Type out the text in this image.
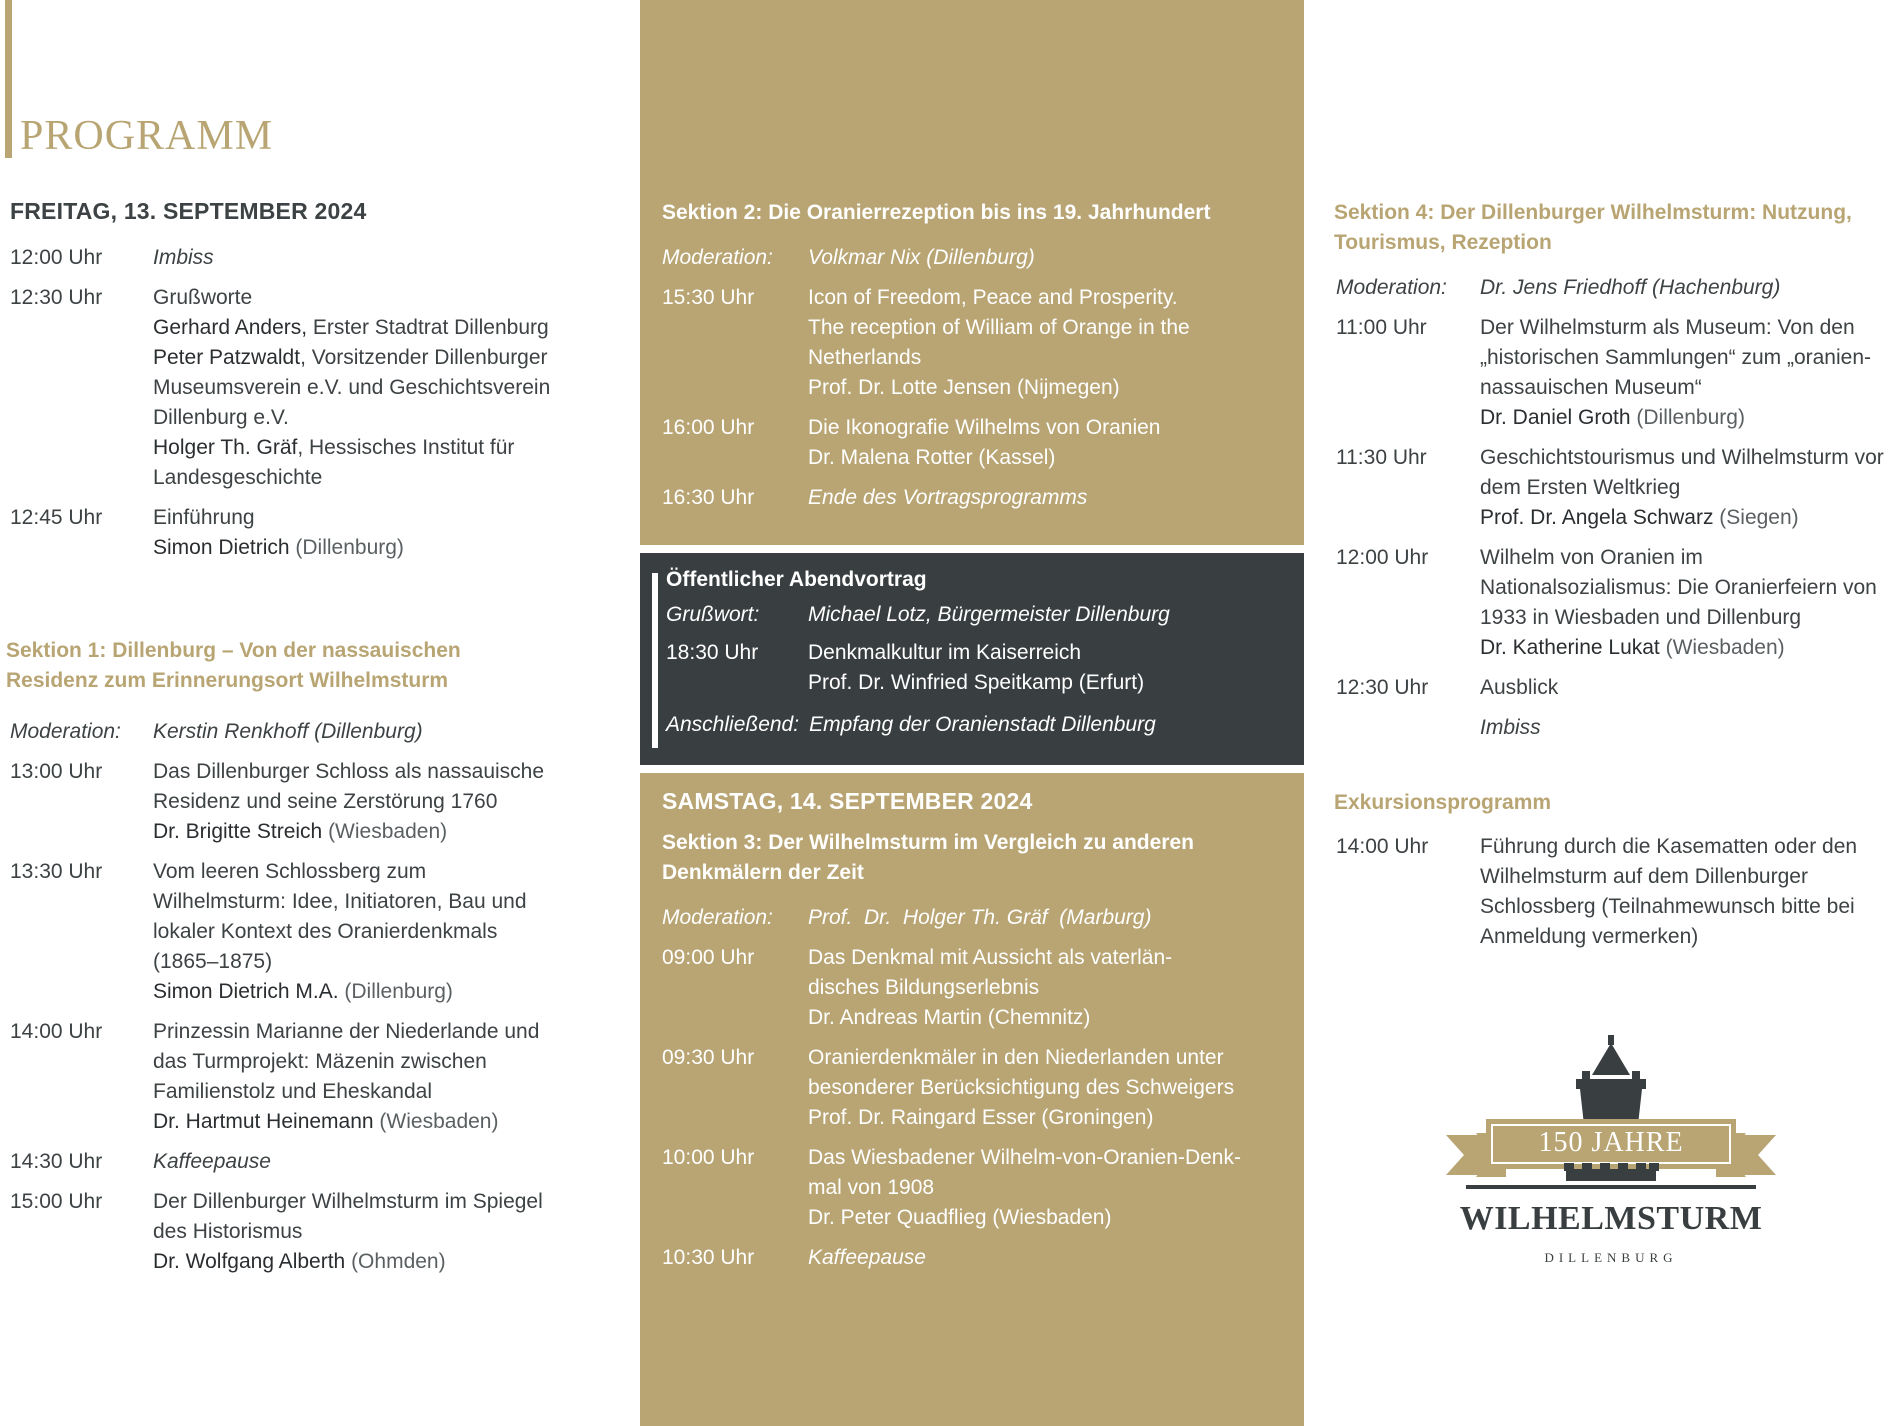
PROGRAMM
FREITAG, 13. SEPTEMBER 2024
12:00 Uhr	Imbiss
12:30 Uhr	Grußworte
Gerhard Anders, Erster Stadtrat Dillenburg
Peter Patzwaldt, Vorsitzender Dillenburger Museumsverein e.V. und Geschichtsverein Dillenburg e.V.
Holger Th. Gräf, Hessisches Institut für Landesgeschichte
12:45 Uhr	Einführung
Simon Dietrich (Dillenburg)
Sektion 1: Dillenburg – Von der nassauischen Residenz zum Erinnerungsort Wilhelmsturm
Moderation:	Kerstin Renkhoff (Dillenburg)
13:00 Uhr	Das Dillenburger Schloss als nassauische Residenz und seine Zerstörung 1760
Dr. Brigitte Streich (Wiesbaden)
13:30 Uhr	Vom leeren Schlossberg zum Wilhelmsturm: Idee, Initiatoren, Bau und lokaler Kontext des Oranierdenkmals (1865–1875)
Simon Dietrich M.A. (Dillenburg)
14:00 Uhr	Prinzessin Marianne der Niederlande und das Turmprojekt: Mäzenin zwischen Familienstolz und Eheskandal
Dr. Hartmut Heinemann (Wiesbaden)
14:30 Uhr	Kaffeepause
15:00 Uhr	Der Dillenburger Wilhelmsturm im Spiegel des Historismus
Dr. Wolfgang Alberth (Ohmden)
Sektion 2: Die Oranierrezeption bis ins 19. Jahrhundert
Moderation:	Volkmar Nix (Dillenburg)
15:30 Uhr	Icon of Freedom, Peace and Prosperity. The reception of William of Orange in the Netherlands
Prof. Dr. Lotte Jensen (Nijmegen)
16:00 Uhr	Die Ikonografie Wilhelms von Oranien
Dr. Malena Rotter (Kassel)
16:30 Uhr	Ende des Vortragsprogramms
Öffentlicher Abendvortrag
Grußwort:	Michael Lotz, Bürgermeister Dillenburg
18:30 Uhr	Denkmalkultur im Kaiserreich
Prof. Dr. Winfried Speitkamp (Erfurt)
Anschließend: Empfang der Oranienstadt Dillenburg
SAMSTAG, 14. SEPTEMBER 2024
Sektion 3: Der Wilhelmsturm im Vergleich zu anderen Denkmälern der Zeit
Moderation:	Prof.  Dr.  Holger Th. Gräf  (Marburg)
09:00 Uhr	Das Denkmal mit Aussicht als vaterlän-disches Bildungserlebnis
Dr. Andreas Martin (Chemnitz)
09:30 Uhr	Oranierdenkmäler in den Niederlanden unter besonderer Berücksichtigung des Schweigers
Prof. Dr. Raingard Esser (Groningen)
10:00 Uhr	Das Wiesbadener Wilhelm-von-Oranien-Denk-mal von 1908
Dr. Peter Quadflieg (Wiesbaden)
10:30 Uhr	Kaffeepause
Sektion 4: Der Dillenburger Wilhelmsturm: Nutzung, Tourismus, Rezeption
Moderation:	Dr. Jens Friedhoff (Hachenburg)
11:00 Uhr	Der Wilhelmsturm als Museum: Von den „historischen Sammlungen“ zum „oranien-nassauischen Museum“
Dr. Daniel Groth (Dillenburg)
11:30 Uhr	Geschichtstourismus und Wilhelmsturm vor dem Ersten Weltkrieg
Prof. Dr. Angela Schwarz (Siegen)
12:00 Uhr	Wilhelm von Oranien im Nationalsozialismus: Die Oranierfeiern von 1933 in Wiesbaden und Dillenburg
Dr. Katherine Lukat (Wiesbaden)
12:30 Uhr	Ausblick
Imbiss
Exkursionsprogramm
14:00 Uhr	Führung durch die Kasematten oder den Wilhelmsturm auf dem Dillenburger Schlossberg (Teilnahmewunsch bitte bei Anmeldung vermerken)
150 JAHRE
WILHELMSTURM
DILLENBURG
